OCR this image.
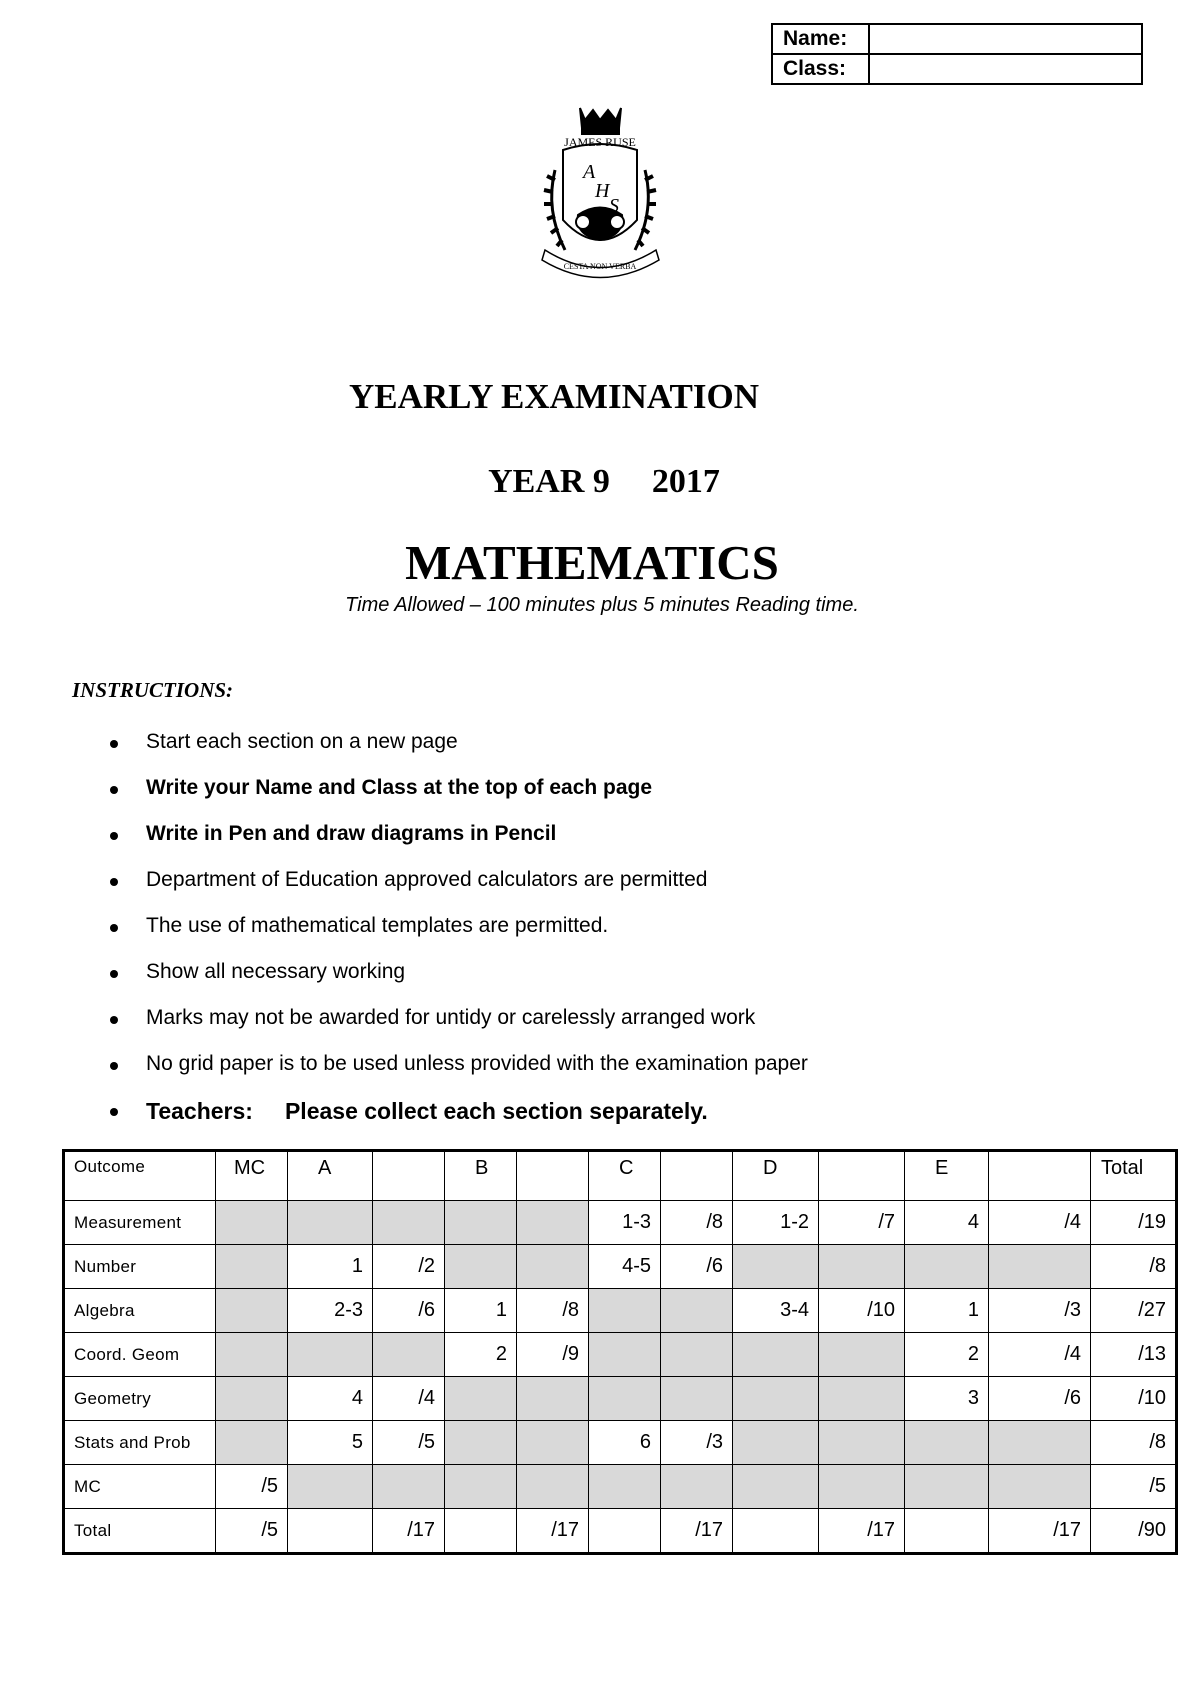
Name:	
Class:	
JAMES RUSE
A
H
S
CESTA NON VERBA
YEARLY EXAMINATION
YEAR 9 2017
MATHEMATICS
Time Allowed – 100 minutes plus 5 minutes Reading time.
INSTRUCTIONS:
Start each section on a new page
Write your Name and Class at the top of each page
Write in Pen and draw diagrams in Pencil
Department of Education approved calculators are permitted
The use of mathematical templates are permitted.
Show all necessary working
Marks may not be awarded for untidy or carelessly arranged work
No grid paper is to be used unless provided with the examination paper
Teachers: Please collect each section separately.
Outcome	MC	A		B		C		D		E		Total
Measurement						1-3	/8	1-2	/7	4	/4	/19
Number		1	/2			4-5	/6					/8
Algebra		2-3	/6	1	/8			3-4	/10	1	/3	/27
Coord. Geom				2	/9					2	/4	/13
Geometry		4	/4							3	/6	/10
Stats and Prob		5	/5			6	/3					/8
MC	/5											/5
Total	/5		/17		/17		/17		/17		/17	/90
